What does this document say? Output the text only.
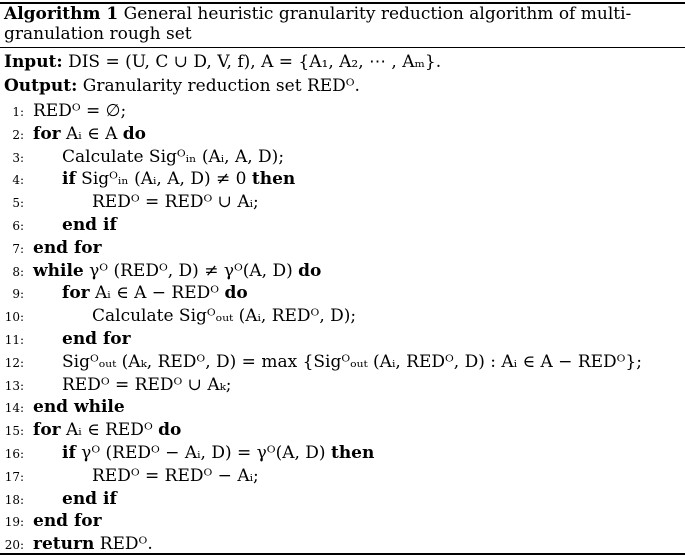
Algorithm 1 General heuristic granularity reduction algorithm of multi-
granulation rough set
Input: DIS = (U, C ∪ D, V, f), A = {A₁, A₂, ⋯ , Aₘ}.
Output: Granularity reduction set REDᴼ.
1: REDᴼ = ∅;
2: for Aᵢ ∈ A do
3: Calculate Sigᴼᵢₙ (Aᵢ, A, D);
4: if Sigᴼᵢₙ (Aᵢ, A, D) ≠ 0 then
5:	REDᴼ = REDᴼ ∪ Aᵢ;
6: end if
7: end for
8: while γᴼ (REDᴼ, D) ≠ γᴼ(A, D) do
9: for Aᵢ ∈ A − REDᴼ do
10:	Calculate Sigᴼₒᵤₜ (Aᵢ, REDᴼ, D);
11: end for
12: Sigᴼₒᵤₜ (Aₖ, REDᴼ, D) = max {Sigᴼₒᵤₜ (Aᵢ, REDᴼ, D) : Aᵢ ∈ A − REDᴼ};
13: REDᴼ = REDᴼ ∪ Aₖ;
14: end while
15: for Aᵢ ∈ REDᴼ do
16: if γᴼ (REDᴼ − Aᵢ, D) = γᴼ(A, D) then
17:	REDᴼ = REDᴼ − Aᵢ;
18: end if
19: end for
20: return REDᴼ.
